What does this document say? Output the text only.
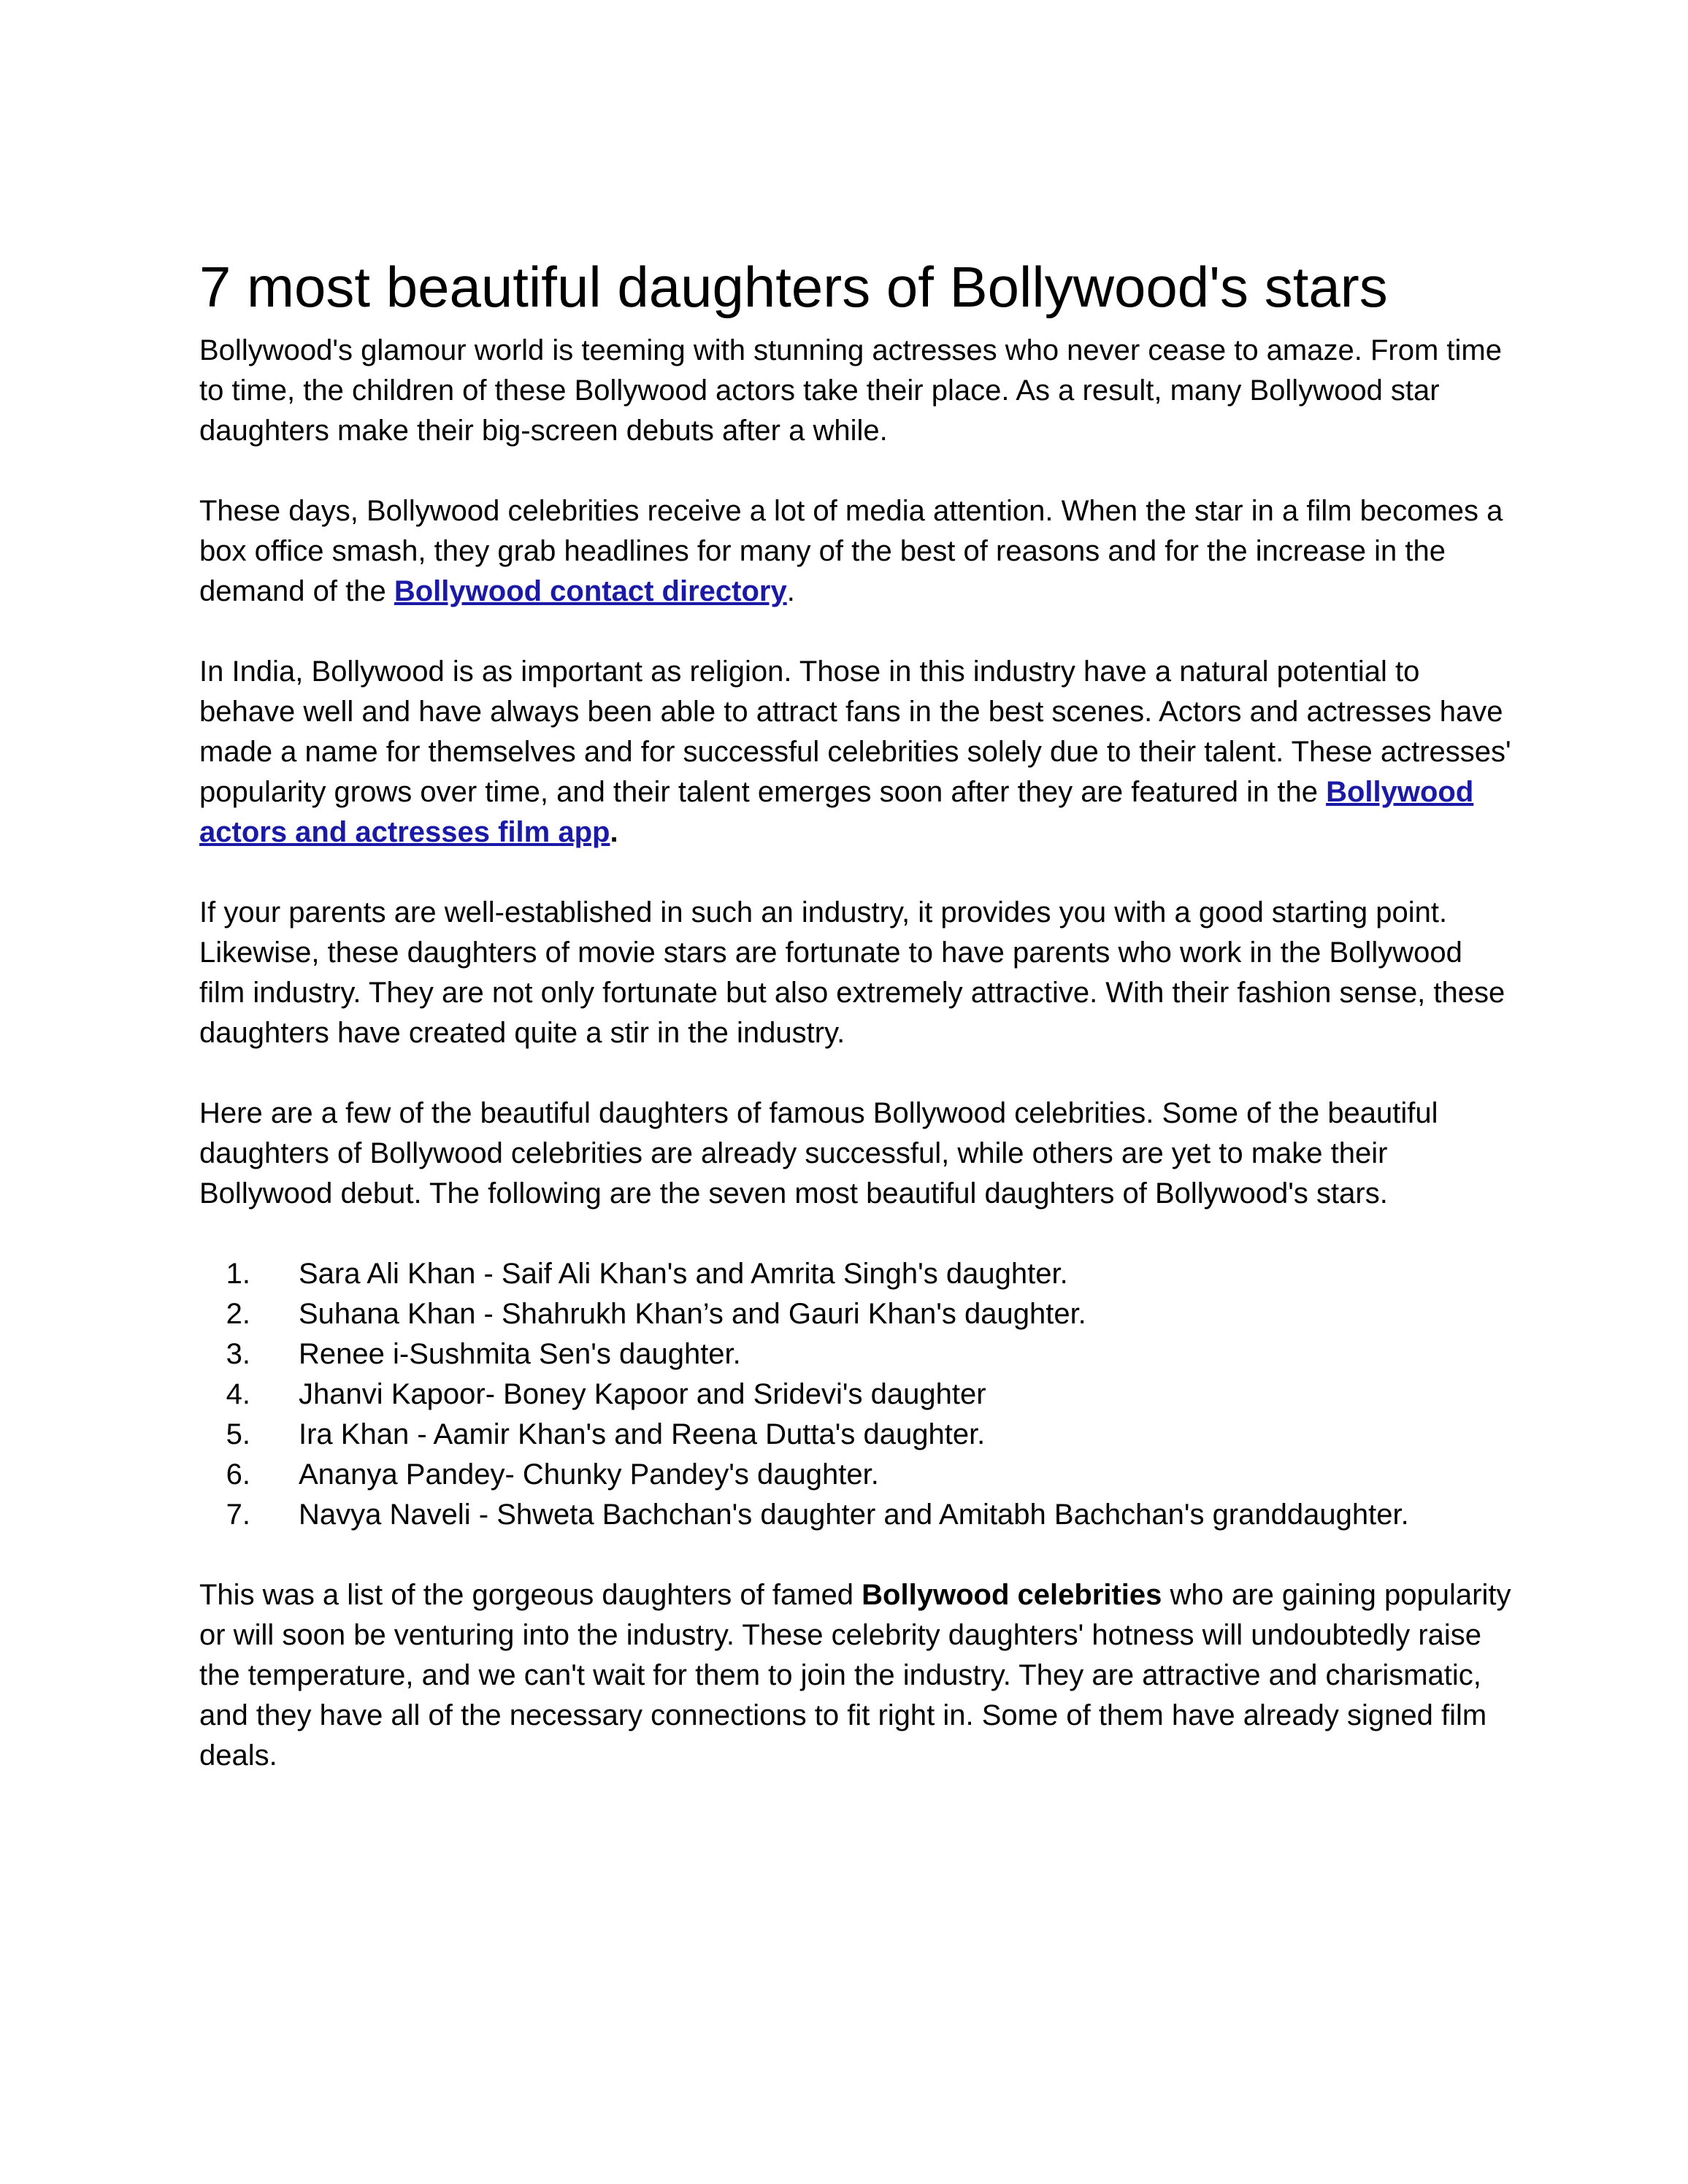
7 most beautiful daughters of Bollywood's stars

Bollywood's glamour world is teeming with stunning actresses who never cease to amaze. From time to time, the children of these Bollywood actors take their place. As a result, many Bollywood star daughters make their big-screen debuts after a while.

These days, Bollywood celebrities receive a lot of media attention. When the star in a film becomes a box office smash, they grab headlines for many of the best of reasons and for the increase in the demand of the Bollywood contact directory.

In India, Bollywood is as important as religion. Those in this industry have a natural potential to behave well and have always been able to attract fans in the best scenes. Actors and actresses have made a name for themselves and for successful celebrities solely due to their talent. These actresses' popularity grows over time, and their talent emerges soon after they are featured in the Bollywood actors and actresses film app.

If your parents are well-established in such an industry, it provides you with a good starting point. Likewise, these daughters of movie stars are fortunate to have parents who work in the Bollywood film industry. They are not only fortunate but also extremely attractive. With their fashion sense, these daughters have created quite a stir in the industry.

Here are a few of the beautiful daughters of famous Bollywood celebrities. Some of the beautiful daughters of Bollywood celebrities are already successful, while others are yet to make their Bollywood debut. The following are the seven most beautiful daughters of Bollywood's stars.

1.	Sara Ali Khan - Saif Ali Khan's and Amrita Singh's daughter.
2.	Suhana Khan - Shahrukh Khan’s and Gauri Khan's daughter.
3.	Renee i-Sushmita Sen's daughter.
4.	Jhanvi Kapoor- Boney Kapoor and Sridevi's daughter
5.	Ira Khan - Aamir Khan's and Reena Dutta's daughter.
6.	Ananya Pandey- Chunky Pandey's daughter.
7.	Navya Naveli - Shweta Bachchan's daughter and Amitabh Bachchan's granddaughter.

This was a list of the gorgeous daughters of famed Bollywood celebrities who are gaining popularity or will soon be venturing into the industry. These celebrity daughters' hotness will undoubtedly raise the temperature, and we can't wait for them to join the industry. They are attractive and charismatic, and they have all of the necessary connections to fit right in. Some of them have already signed film deals.
